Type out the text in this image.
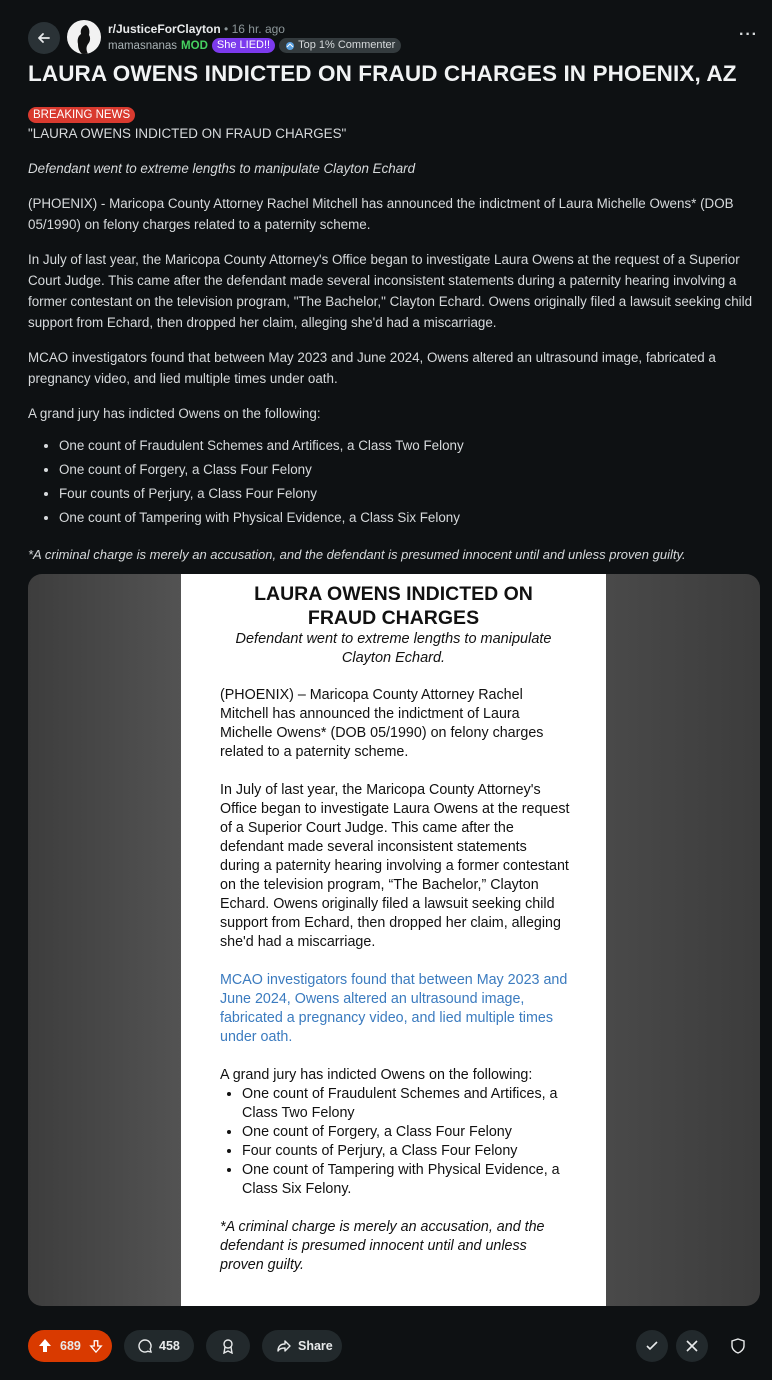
r/JusticeForClayton • 16 hr. ago
mamasnanas MOD She LIED!!	Top 1% Commenter
···
LAURA OWENS INDICTED ON FRAUD CHARGES IN PHOENIX, AZ
BREAKING NEWS

"LAURA OWENS INDICTED ON FRAUD CHARGES"

Defendant went to extreme lengths to manipulate Clayton Echard

(PHOENIX) - Maricopa County Attorney Rachel Mitchell has announced the indictment of Laura Michelle Owens* (DOB 05/1990) on felony charges related to a paternity scheme.

In July of last year, the Maricopa County Attorney's Office began to investigate Laura Owens at the request of a Superior Court Judge. This came after the defendant made several inconsistent statements during a paternity hearing involving a former contestant on the television program, "The Bachelor," Clayton Echard. Owens originally filed a lawsuit seeking child support from Echard, then dropped her claim, alleging she'd had a miscarriage.

MCAO investigators found that between May 2023 and June 2024, Owens altered an ultrasound image, fabricated a pregnancy video, and lied multiple times under oath.

A grand jury has indicted Owens on the following:

• One count of Fraudulent Schemes and Artifices, a Class Two Felony
• One count of Forgery, a Class Four Felony
• Four counts of Perjury, a Class Four Felony
• One count of Tampering with Physical Evidence, a Class Six Felony

*A criminal charge is merely an accusation, and the defendant is presumed innocent until and unless proven guilty.

LAURA OWENS INDICTED ON FRAUD CHARGES
Defendant went to extreme lengths to manipulate Clayton Echard.

(PHOENIX) – Maricopa County Attorney Rachel Mitchell has announced the indictment of Laura Michelle Owens* (DOB 05/1990) on felony charges related to a paternity scheme.

In July of last year, the Maricopa County Attorney's Office began to investigate Laura Owens at the request of a Superior Court Judge. This came after the defendant made several inconsistent statements during a paternity hearing involving a former contestant on the television program, “The Bachelor,” Clayton Echard. Owens originally filed a lawsuit seeking child support from Echard, then dropped her claim, alleging she'd had a miscarriage.

MCAO investigators found that between May 2023 and June 2024, Owens altered an ultrasound image, fabricated a pregnancy video, and lied multiple times under oath.

A grand jury has indicted Owens on the following:

• One count of Fraudulent Schemes and Artifices, a Class Two Felony
• One count of Forgery, a Class Four Felony
• Four counts of Perjury, a Class Four Felony
• One count of Tampering with Physical Evidence, a Class Six Felony.

*A criminal charge is merely an accusation, and the defendant is presumed innocent until and unless proven guilty.

689	458	Share
